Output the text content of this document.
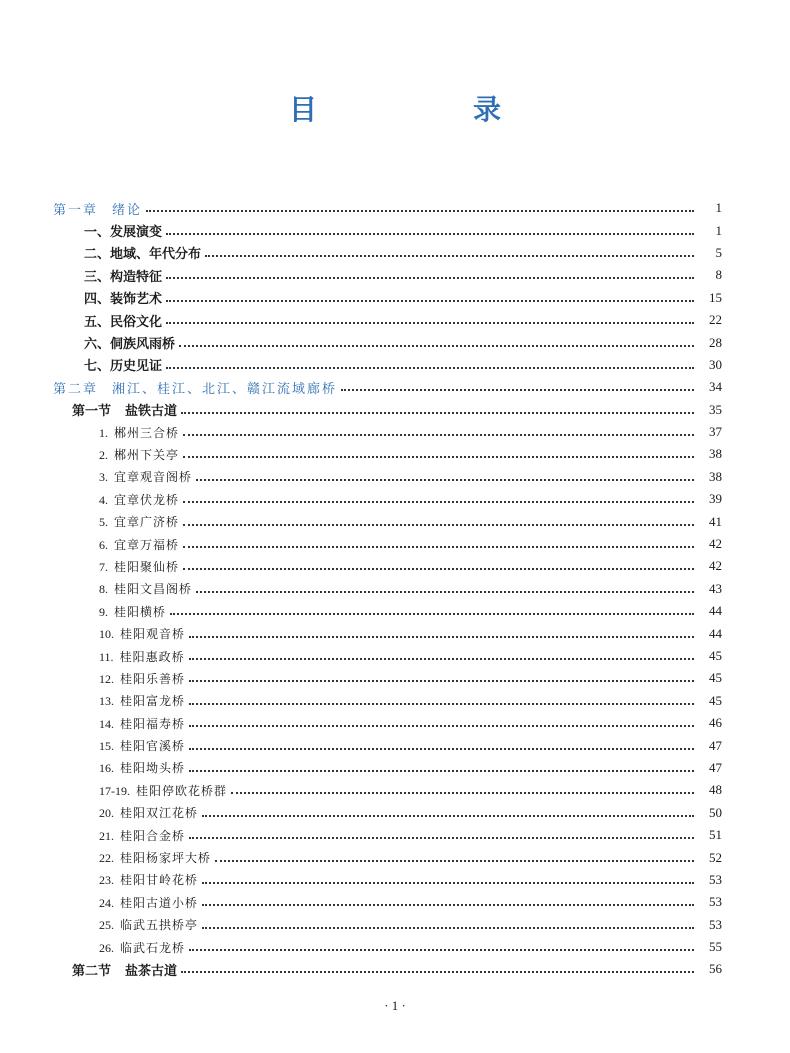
目　录
第一章 绪论	1
一、发展演变	1
二、地域、年代分布	5
三、构造特征	8
四、装饰艺术	15
五、民俗文化	22
六、侗族风雨桥	28
七、历史见证	30
第二章 湘江、桂江、北江、赣江流域廊桥	34
第一节 盐铁古道	35
1. 郴州三合桥	37
2. 郴州下关亭	38
3. 宜章观音阁桥	38
4. 宜章伏龙桥	39
5. 宜章广济桥	41
6. 宜章万福桥	42
7. 桂阳聚仙桥	42
8. 桂阳文昌阁桥	43
9. 桂阳横桥	44
10. 桂阳观音桥	44
11. 桂阳惠政桥	45
12. 桂阳乐善桥	45
13. 桂阳富龙桥	45
14. 桂阳福寿桥	46
15. 桂阳官溪桥	47
16. 桂阳坳头桥	47
17-19. 桂阳停欧花桥群	48
20. 桂阳双江花桥	50
21. 桂阳合金桥	51
22. 桂阳杨家坪大桥	52
23. 桂阳甘岭花桥	53
24. 桂阳古道小桥	53
25. 临武五拱桥亭	53
26. 临武石龙桥	55
第二节 盐茶古道	56
· 1 ·
